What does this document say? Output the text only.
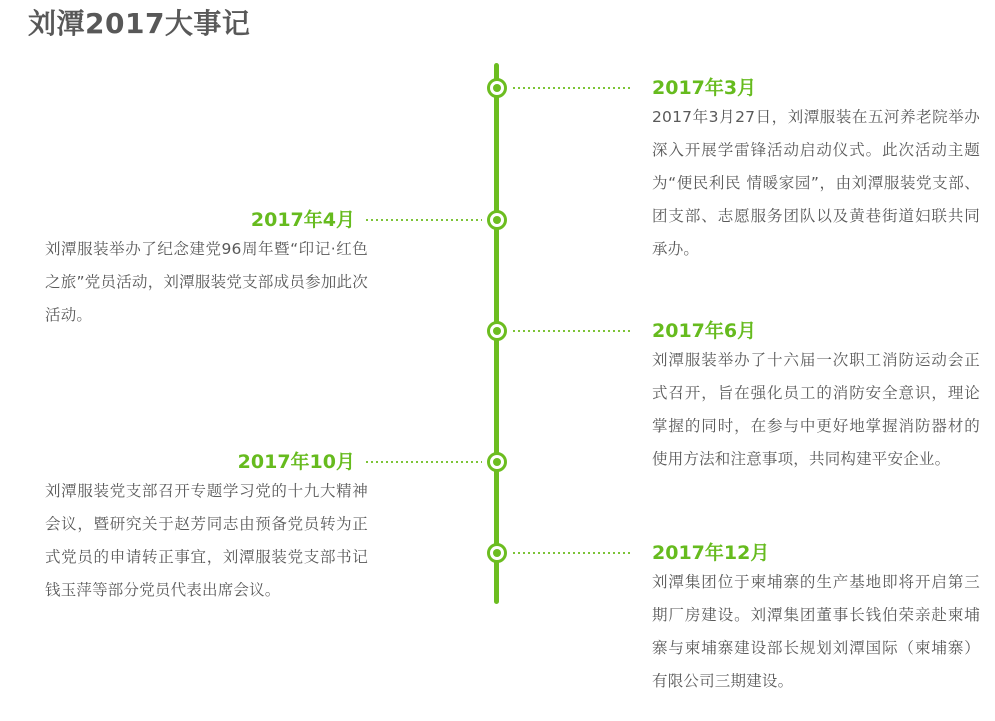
刘潭2017大事记
2017年3月

2017年3月27日，刘潭服装在五河养老院举办深入开展学雷锋活动启动仪式。此次活动主题为“便民利民 情暖家园”，由刘潭服装党支部、团支部、志愿服务团队以及黄巷街道妇联共同承办。

2017年4月

刘潭服装举办了纪念建党96周年暨“印记·红色之旅”党员活动，刘潭服装党支部成员参加此次活动。

2017年6月

刘潭服装举办了十六届一次职工消防运动会正式召开，旨在强化员工的消防安全意识，理论掌握的同时，在参与中更好地掌握消防器材的使用方法和注意事项，共同构建平安企业。

2017年10月

刘潭服装党支部召开专题学习党的十九大精神会议，暨研究关于赵芳同志由预备党员转为正式党员的申请转正事宜，刘潭服装党支部书记钱玉萍等部分党员代表出席会议。

2017年12月

刘潭集团位于柬埔寨的生产基地即将开启第三期厂房建设。刘潭集团董事长钱伯荣亲赴柬埔寨与柬埔寨建设部长规划刘潭国际（柬埔寨）有限公司三期建设。
